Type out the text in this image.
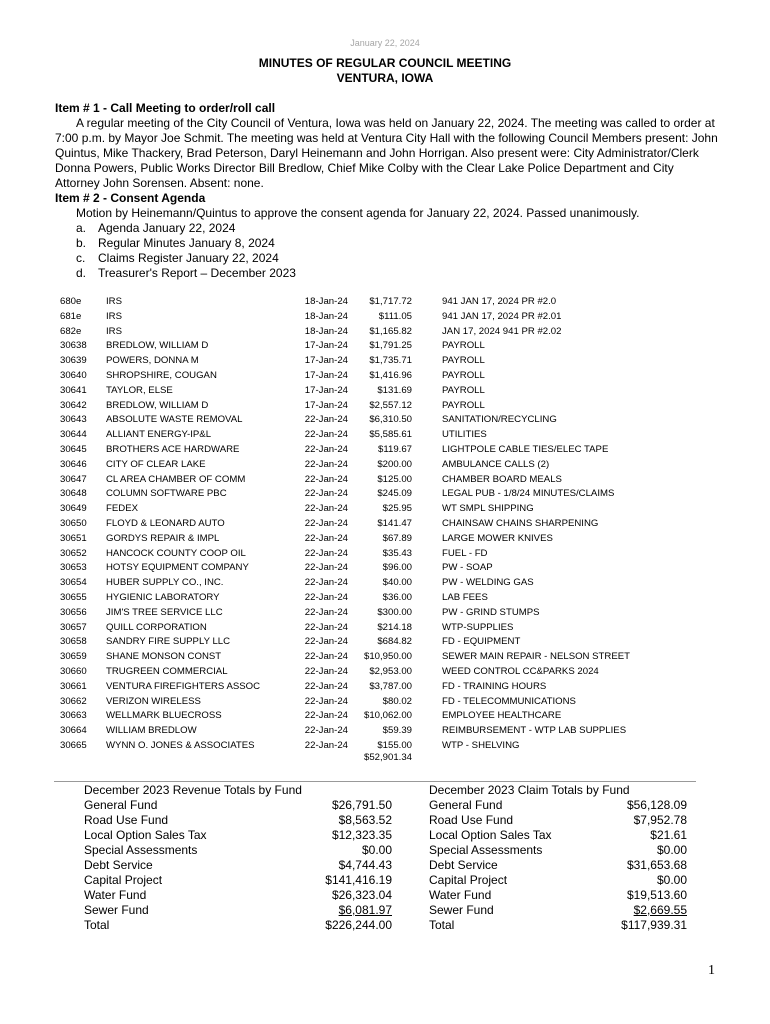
January 22, 2024
MINUTES OF REGULAR COUNCIL MEETING
VENTURA, IOWA
Item # 1 - Call Meeting to order/roll call

A regular meeting of the City Council of Ventura, Iowa was held on January 22, 2024. The meeting was called to order at 7:00 p.m. by Mayor Joe Schmit. The meeting was held at Ventura City Hall with the following Council Members present: John Quintus, Mike Thackery, Brad Peterson, Daryl Heinemann and John Horrigan. Also present were: City Administrator/Clerk Donna Powers, Public Works Director Bill Bredlow, Chief Mike Colby with the Clear Lake Police Department and City Attorney John Sorensen. Absent: none.

Item # 2 - Consent Agenda
Motion by Heinemann/Quintus to approve the consent agenda for January 22, 2024. Passed unanimously.
a. Agenda January 22, 2024
b. Regular Minutes January 8, 2024
c. Claims Register January 22, 2024
d. Treasurer's Report – December 2023
680e	IRS	18-Jan-24	$1,717.72		941 JAN 17, 2024 PR #2.0
681e	IRS	18-Jan-24	$111.05		941 JAN 17, 2024 PR #2.01
682e	IRS	18-Jan-24	$1,165.82		JAN 17, 2024 941 PR #2.02
30638	BREDLOW, WILLIAM D	17-Jan-24	$1,791.25		PAYROLL
30639	POWERS, DONNA M	17-Jan-24	$1,735.71		PAYROLL
30640	SHROPSHIRE, COUGAN	17-Jan-24	$1,416.96		PAYROLL
30641	TAYLOR, ELSE	17-Jan-24	$131.69		PAYROLL
30642	BREDLOW, WILLIAM D	17-Jan-24	$2,557.12		PAYROLL
30643	ABSOLUTE WASTE REMOVAL	22-Jan-24	$6,310.50		SANITATION/RECYCLING
30644	ALLIANT ENERGY-IP&L	22-Jan-24	$5,585.61		UTILITIES
30645	BROTHERS ACE HARDWARE	22-Jan-24	$119.67		LIGHTPOLE CABLE TIES/ELEC TAPE
30646	CITY OF CLEAR LAKE	22-Jan-24	$200.00		AMBULANCE CALLS (2)
30647	CL AREA CHAMBER OF COMM	22-Jan-24	$125.00		CHAMBER BOARD MEALS
30648	COLUMN SOFTWARE PBC	22-Jan-24	$245.09		LEGAL PUB - 1/8/24 MINUTES/CLAIMS
30649	FEDEX	22-Jan-24	$25.95		WT SMPL SHIPPING
30650	FLOYD & LEONARD AUTO	22-Jan-24	$141.47		CHAINSAW CHAINS SHARPENING
30651	GORDYS REPAIR & IMPL	22-Jan-24	$67.89		LARGE MOWER KNIVES
30652	HANCOCK COUNTY COOP OIL	22-Jan-24	$35.43		FUEL - FD
30653	HOTSY EQUIPMENT COMPANY	22-Jan-24	$96.00		PW - SOAP
30654	HUBER SUPPLY CO., INC.	22-Jan-24	$40.00		PW - WELDING GAS
30655	HYGIENIC LABORATORY	22-Jan-24	$36.00		LAB FEES
30656	JIM'S TREE SERVICE LLC	22-Jan-24	$300.00		PW - GRIND STUMPS
30657	QUILL CORPORATION	22-Jan-24	$214.18		WTP-SUPPLIES
30658	SANDRY FIRE SUPPLY LLC	22-Jan-24	$684.82		FD - EQUIPMENT
30659	SHANE MONSON CONST	22-Jan-24	$10,950.00		SEWER MAIN REPAIR - NELSON STREET
30660	TRUGREEN COMMERCIAL	22-Jan-24	$2,953.00		WEED CONTROL CC&PARKS 2024
30661	VENTURA FIREFIGHTERS ASSOC	22-Jan-24	$3,787.00		FD - TRAINING HOURS
30662	VERIZON WIRELESS	22-Jan-24	$80.02		FD - TELECOMMUNICATIONS
30663	WELLMARK BLUECROSS	22-Jan-24	$10,062.00		EMPLOYEE HEALTHCARE
30664	WILLIAM BREDLOW	22-Jan-24	$59.39		REIMBURSEMENT - WTP LAB SUPPLIES
30665	WYNN O. JONES & ASSOCIATES	22-Jan-24	$155.00		WTP - SHELVING
$52,901.34
December 2023 Revenue Totals by Fund
General Fund	$26,791.50
Road Use Fund	$8,563.52
Local Option Sales Tax	$12,323.35
Special Assessments	$0.00
Debt Service	$4,744.43
Capital Project	$141,416.19
Water Fund	$26,323.04
Sewer Fund	$6,081.97
Total	$226,244.00
December 2023 Claim Totals by Fund
General Fund	$56,128.09
Road Use Fund	$7,952.78
Local Option Sales Tax	$21.61
Special Assessments	$0.00
Debt Service	$31,653.68
Capital Project	$0.00
Water Fund	$19,513.60
Sewer Fund	$2,669.55
Total	$117,939.31
1
